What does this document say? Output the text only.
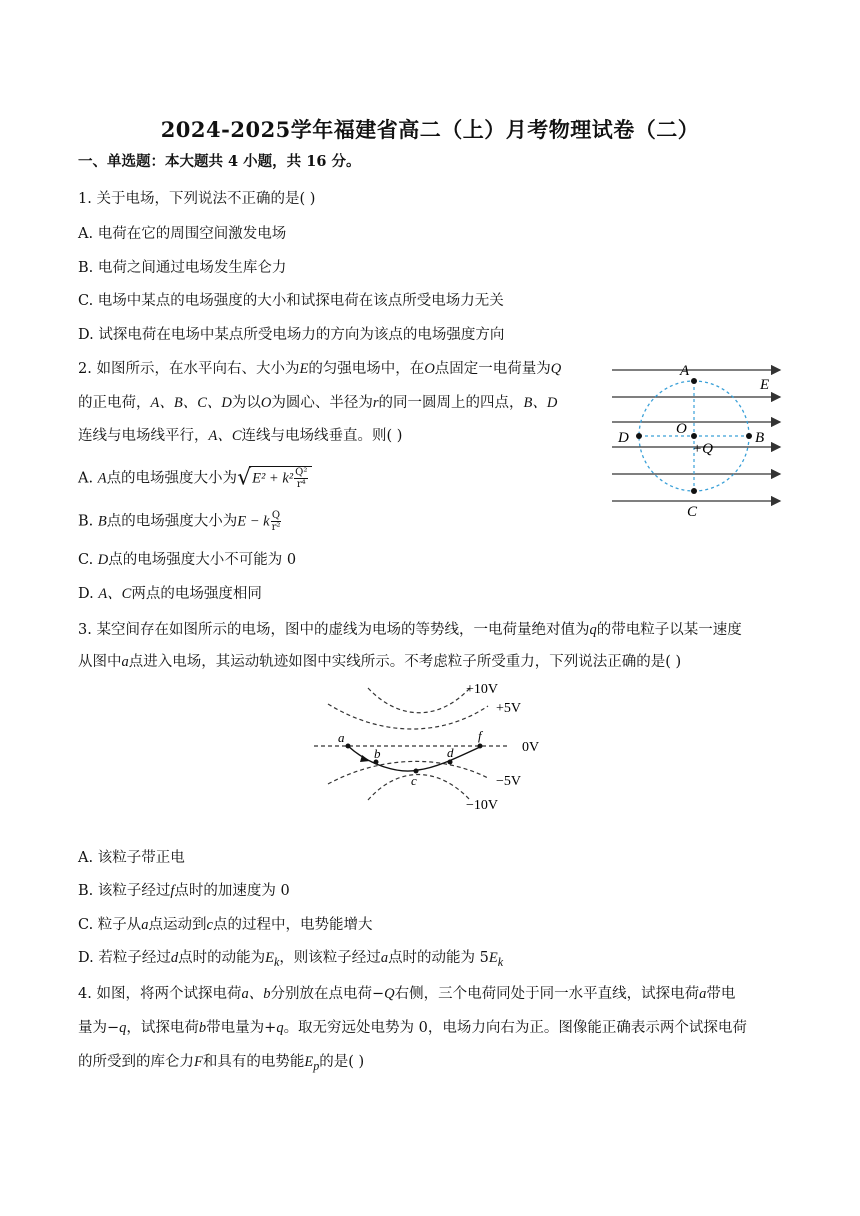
2024-2025学年福建省高二（上）月考物理试卷（二）
一、单选题：本大题共 4 小题，共 16 分。
1. 关于电场，下列说法不正确的是( )
A. 电荷在它的周围空间激发电场
B. 电荷之间通过电场发生库仑力
C. 电场中某点的电场强度的大小和试探电荷在该点所受电场力无关
D. 试探电荷在电场中某点所受电场力的方向为该点的电场强度方向
2. 如图所示，在水平向右、大小为E的匀强电场中，在O点固定一电荷量为Q
的正电荷，A、B、C、D为以O为圆心、半径为r的同一圆周上的四点，B、D
连线与电场线平行，A、C连线与电场线垂直。则( )
A. A点的电场强度大小为$√E^2 + k^2 \frac{\text{Q²}}{\text{r⁴}}$
B. B点的电场强度大小为E − k $\frac{Q}{\text{r²}}$
C. D点的电场强度大小不可能为 0
D. A、C两点的电场强度相同
A
E
D
O
+Q
B
C
3. 某空间存在如图所示的电场，图中的虚线为电场的等势线，一电荷量绝对值为q的带电粒子以某一速度
从图中a点进入电场，其运动轨迹如图中实线所示。不考虑粒子所受重力，下列说法正确的是( )
a
b
c
d
f
+10V
+5V
0V
−5V
−10V
A. 该粒子带正电
B. 该粒子经过f点时的加速度为 0
C. 粒子从a点运动到c点的过程中，电势能增大
D. 若粒子经过d点时的动能为$E_k$，则该粒子经过a点时的动能为 $5E_k$
4. 如图，将两个试探电荷a、b分别放在点电荷−Q右侧，三个电荷同处于同一水平直线，试探电荷a带电
量为−q，试探电荷b带电量为+q。取无穷远处电势为 0，电场力向右为正。图像能正确表示两个试探电荷
的所受到的库仑力F和具有的电势能$E_p$的是( )
